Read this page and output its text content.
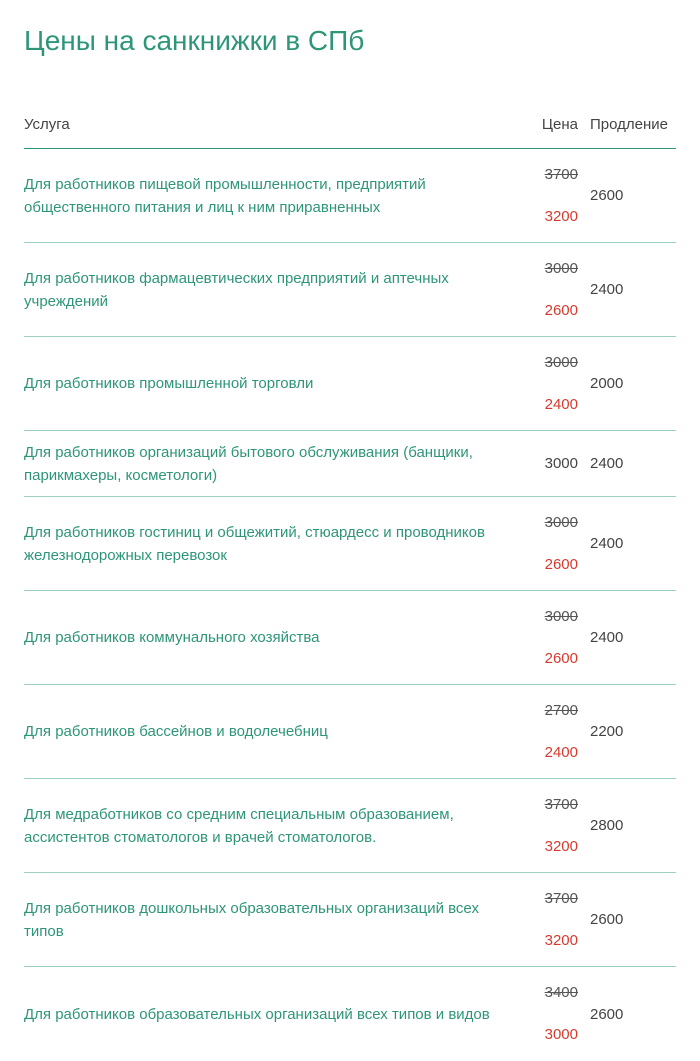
Цены на санкнижки в СПб
Услуга	Цена Продление
Для работников пищевой промышленности, предприятий общественного питания и лиц к ним приравненных
3700
3200
2600
Для работников фармацевтических предприятий и аптечных учреждений
3000
2600
2400
Для работников промышленной торговли
3000
2400
2000
Для работников организаций бытового обслуживания (банщики, парикмахеры, косметологи)
3000 2400
Для работников гостиниц и общежитий, стюардесс и проводников железнодорожных перевозок
3000
2600
2400
Для работников коммунального хозяйства
3000
2600
2400
Для работников бассейнов и водолечебниц
2700
2400
2200
Для медработников со средним специальным образованием, ассистентов стоматологов и врачей стоматологов.
3700
3200
2800
Для работников дошкольных образовательных организаций всех типов
3700
3200
2600
Для работников образовательных организаций всех типов и видов
3400
3000
2600
